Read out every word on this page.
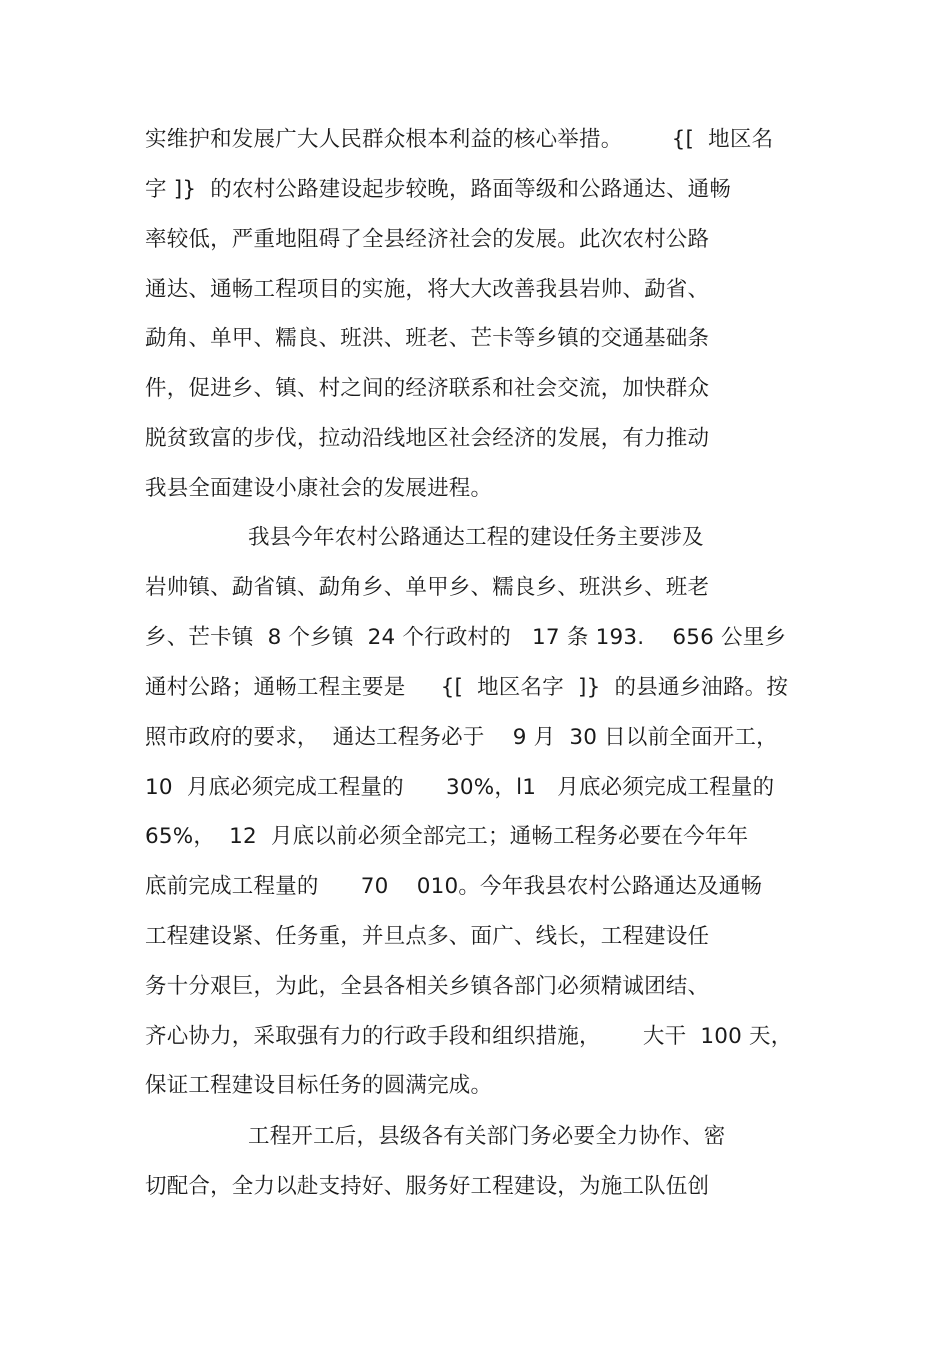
实维护和发展广大人民群众根本利益的核心举措。       {[  地区名
字 ]}  的农村公路建设起步较晚，路面等级和公路通达、通畅
率较低，严重地阻碍了全县经济社会的发展。此次农村公路
通达、通畅工程项目的实施，将大大改善我县岩帅、勐省、
勐角、单甲、糯良、班洪、班老、芒卡等乡镇的交通基础条
件，促进乡、镇、村之间的经济联系和社会交流，加快群众
脱贫致富的步伐，拉动沿线地区社会经济的发展，有力推动
我县全面建设小康社会的发展进程。
我县今年农村公路通达工程的建设任务主要涉及
岩帅镇、勐省镇、勐角乡、单甲乡、糯良乡、班洪乡、班老
乡、芒卡镇  8 个乡镇  24 个行政村的   17 条 193.    656 公里乡
通村公路；通畅工程主要是     {[  地区名字  ]}  的县通乡油路。按
照市政府的要求，  通达工程务必于    9 月  30 日以前全面开工，
10  月底必须完成工程量的      30%，l1   月底必须完成工程量的
65%，  12  月底以前必须全部完工；通畅工程务必要在今年年
底前完成工程量的      70    010。今年我县农村公路通达及通畅
工程建设紧、任务重，并旦点多、面广、线长，工程建设任
务十分艰巨，为此，全县各相关乡镇各部门必须精诚团结、
齐心协力，采取强有力的行政手段和组织措施，      大干  100 天，
保证工程建设目标任务的圆满完成。
工程开工后，县级各有关部门务必要全力协作、密
切配合，全力以赴支持好、服务好工程建设，为施工队伍创
